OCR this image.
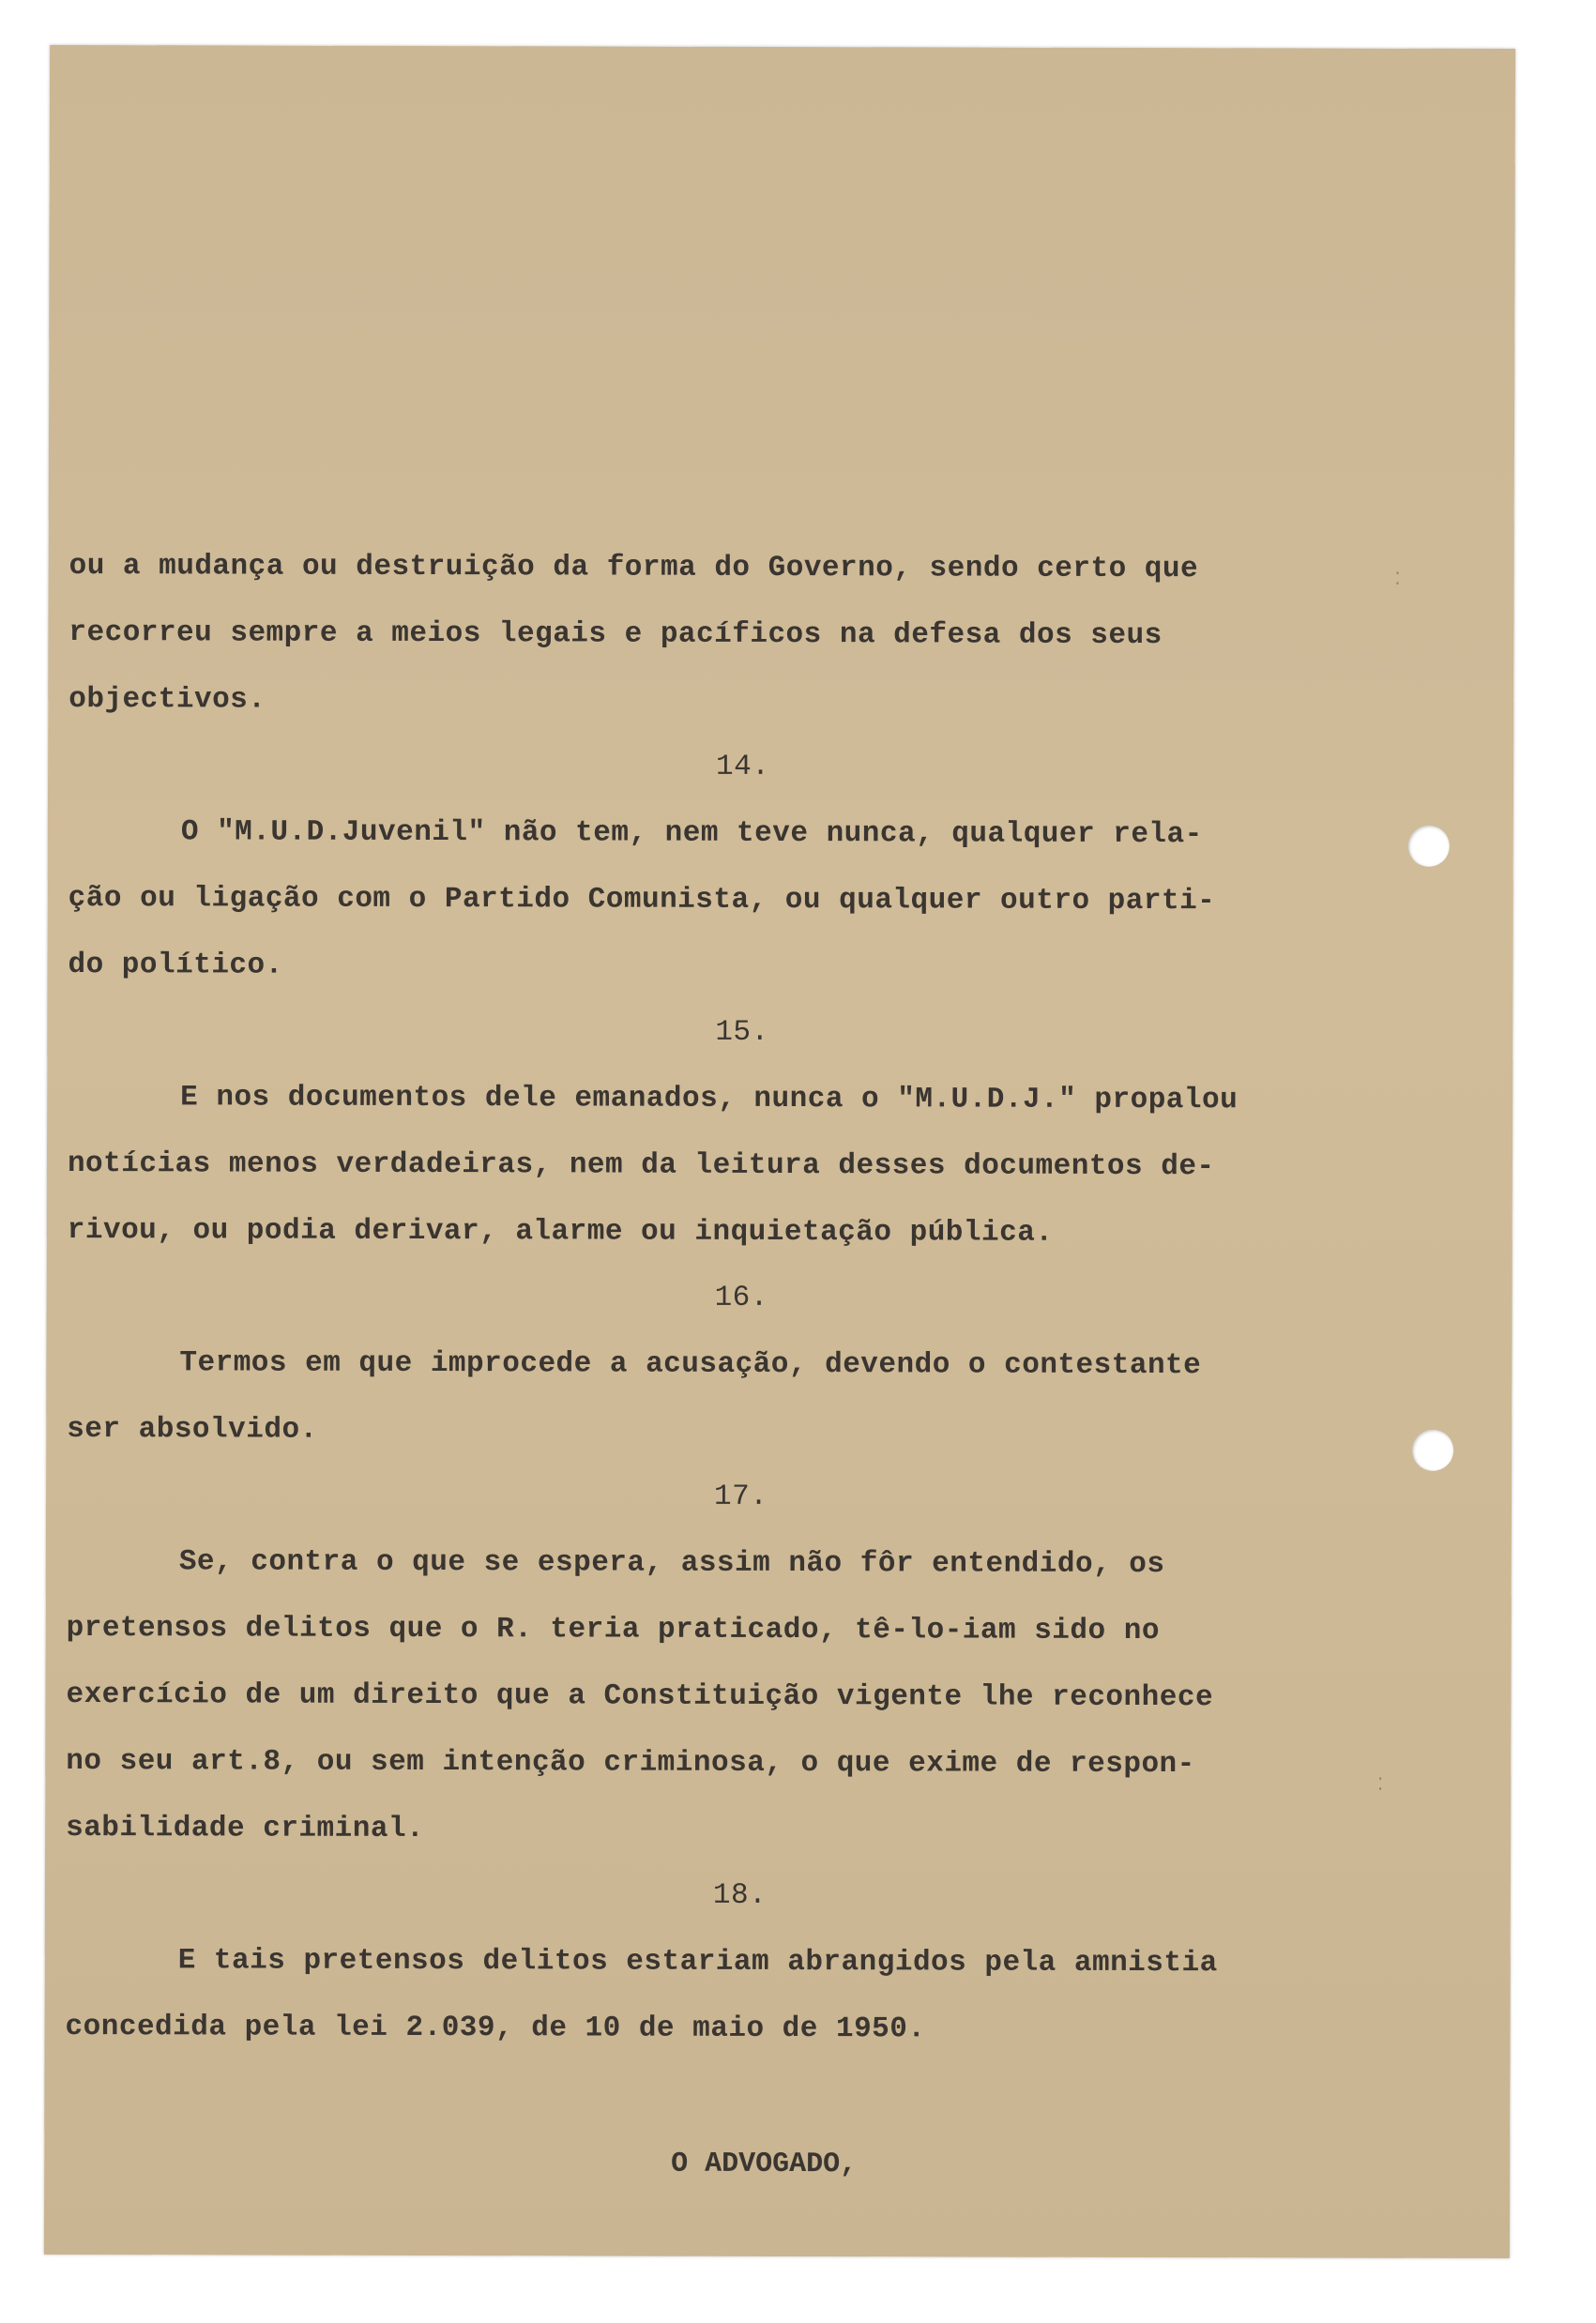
⁚
⁚
ou a mudança ou destruição da forma do Governo, sendo certo que
recorreu sempre a meios legais e pacíficos na defesa dos seus
objectivos.
14.
O "M.U.D.Juvenil" não tem, nem teve nunca, qualquer rela-
ção ou ligação com o Partido Comunista, ou qualquer outro parti-
do político.
15.
E nos documentos dele emanados, nunca o "M.U.D.J." propalou
notícias menos verdadeiras, nem da leitura desses documentos de-
rivou, ou podia derivar, alarme ou inquietação pública.
16.
Termos em que improcede a acusação, devendo o contestante
ser absolvido.
17.
Se, contra o que se espera, assim não fôr entendido, os
pretensos delitos que o R. teria praticado, tê-lo-iam sido no
exercício de um direito que a Constituição vigente lhe reconhece
no seu art.8, ou sem intenção criminosa, o que exime de respon-
sabilidade criminal.
18.
E tais pretensos delitos estariam abrangidos pela amnistia
concedida pela lei 2.039, de 10 de maio de 1950.
O ADVOGADO,
